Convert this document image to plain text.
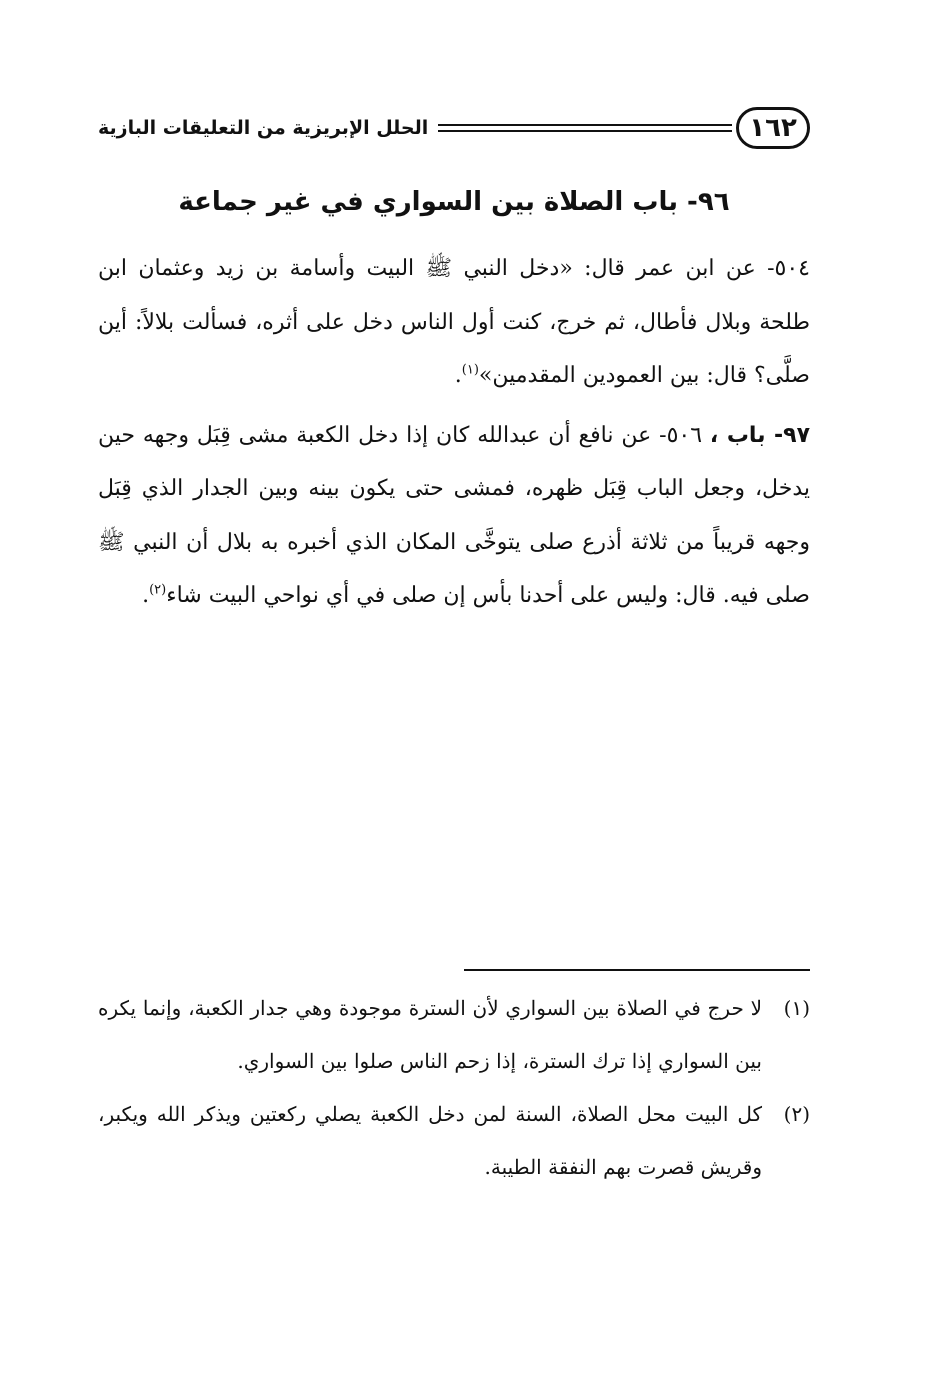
١٦٢
الحلل الإبريزية من التعليقات البازية
٩٦- باب الصلاة بين السواري في غير جماعة

٥٠٤- عن ابن عمر قال: «دخل النبي ﷺ البيت وأسامة بن زيد وعثمان ابن طلحة وبلال فأطال، ثم خرج، كنت أول الناس دخل على أثره، فسألت بلالاً: أين صلَّى؟ قال: بين العمودين المقدمين»$^{(١)}$.

٩٧- باب ، ٥٠٦- عن نافع أن عبدالله كان إذا دخل الكعبة مشى قِبَل وجهه حين يدخل، وجعل الباب قِبَل ظهره، فمشى حتى يكون بينه وبين الجدار الذي قِبَل وجهه قريباً من ثلاثة أذرع صلى يتوخَّى المكان الذي أخبره به بلال أن النبي ﷺ صلى فيه. قال: وليس على أحدنا بأس إن صلى في أي نواحي البيت شاء$^{(٢)}$.

(١)
لا حرج في الصلاة بين السواري لأن السترة موجودة وهي جدار الكعبة، وإنما يكره بين السواري إذا ترك السترة، إذا زحم الناس صلوا بين السواري.
(٢)
كل البيت محل الصلاة، السنة لمن دخل الكعبة يصلي ركعتين ويذكر الله ويكبر، وقريش قصرت بهم النفقة الطيبة.
